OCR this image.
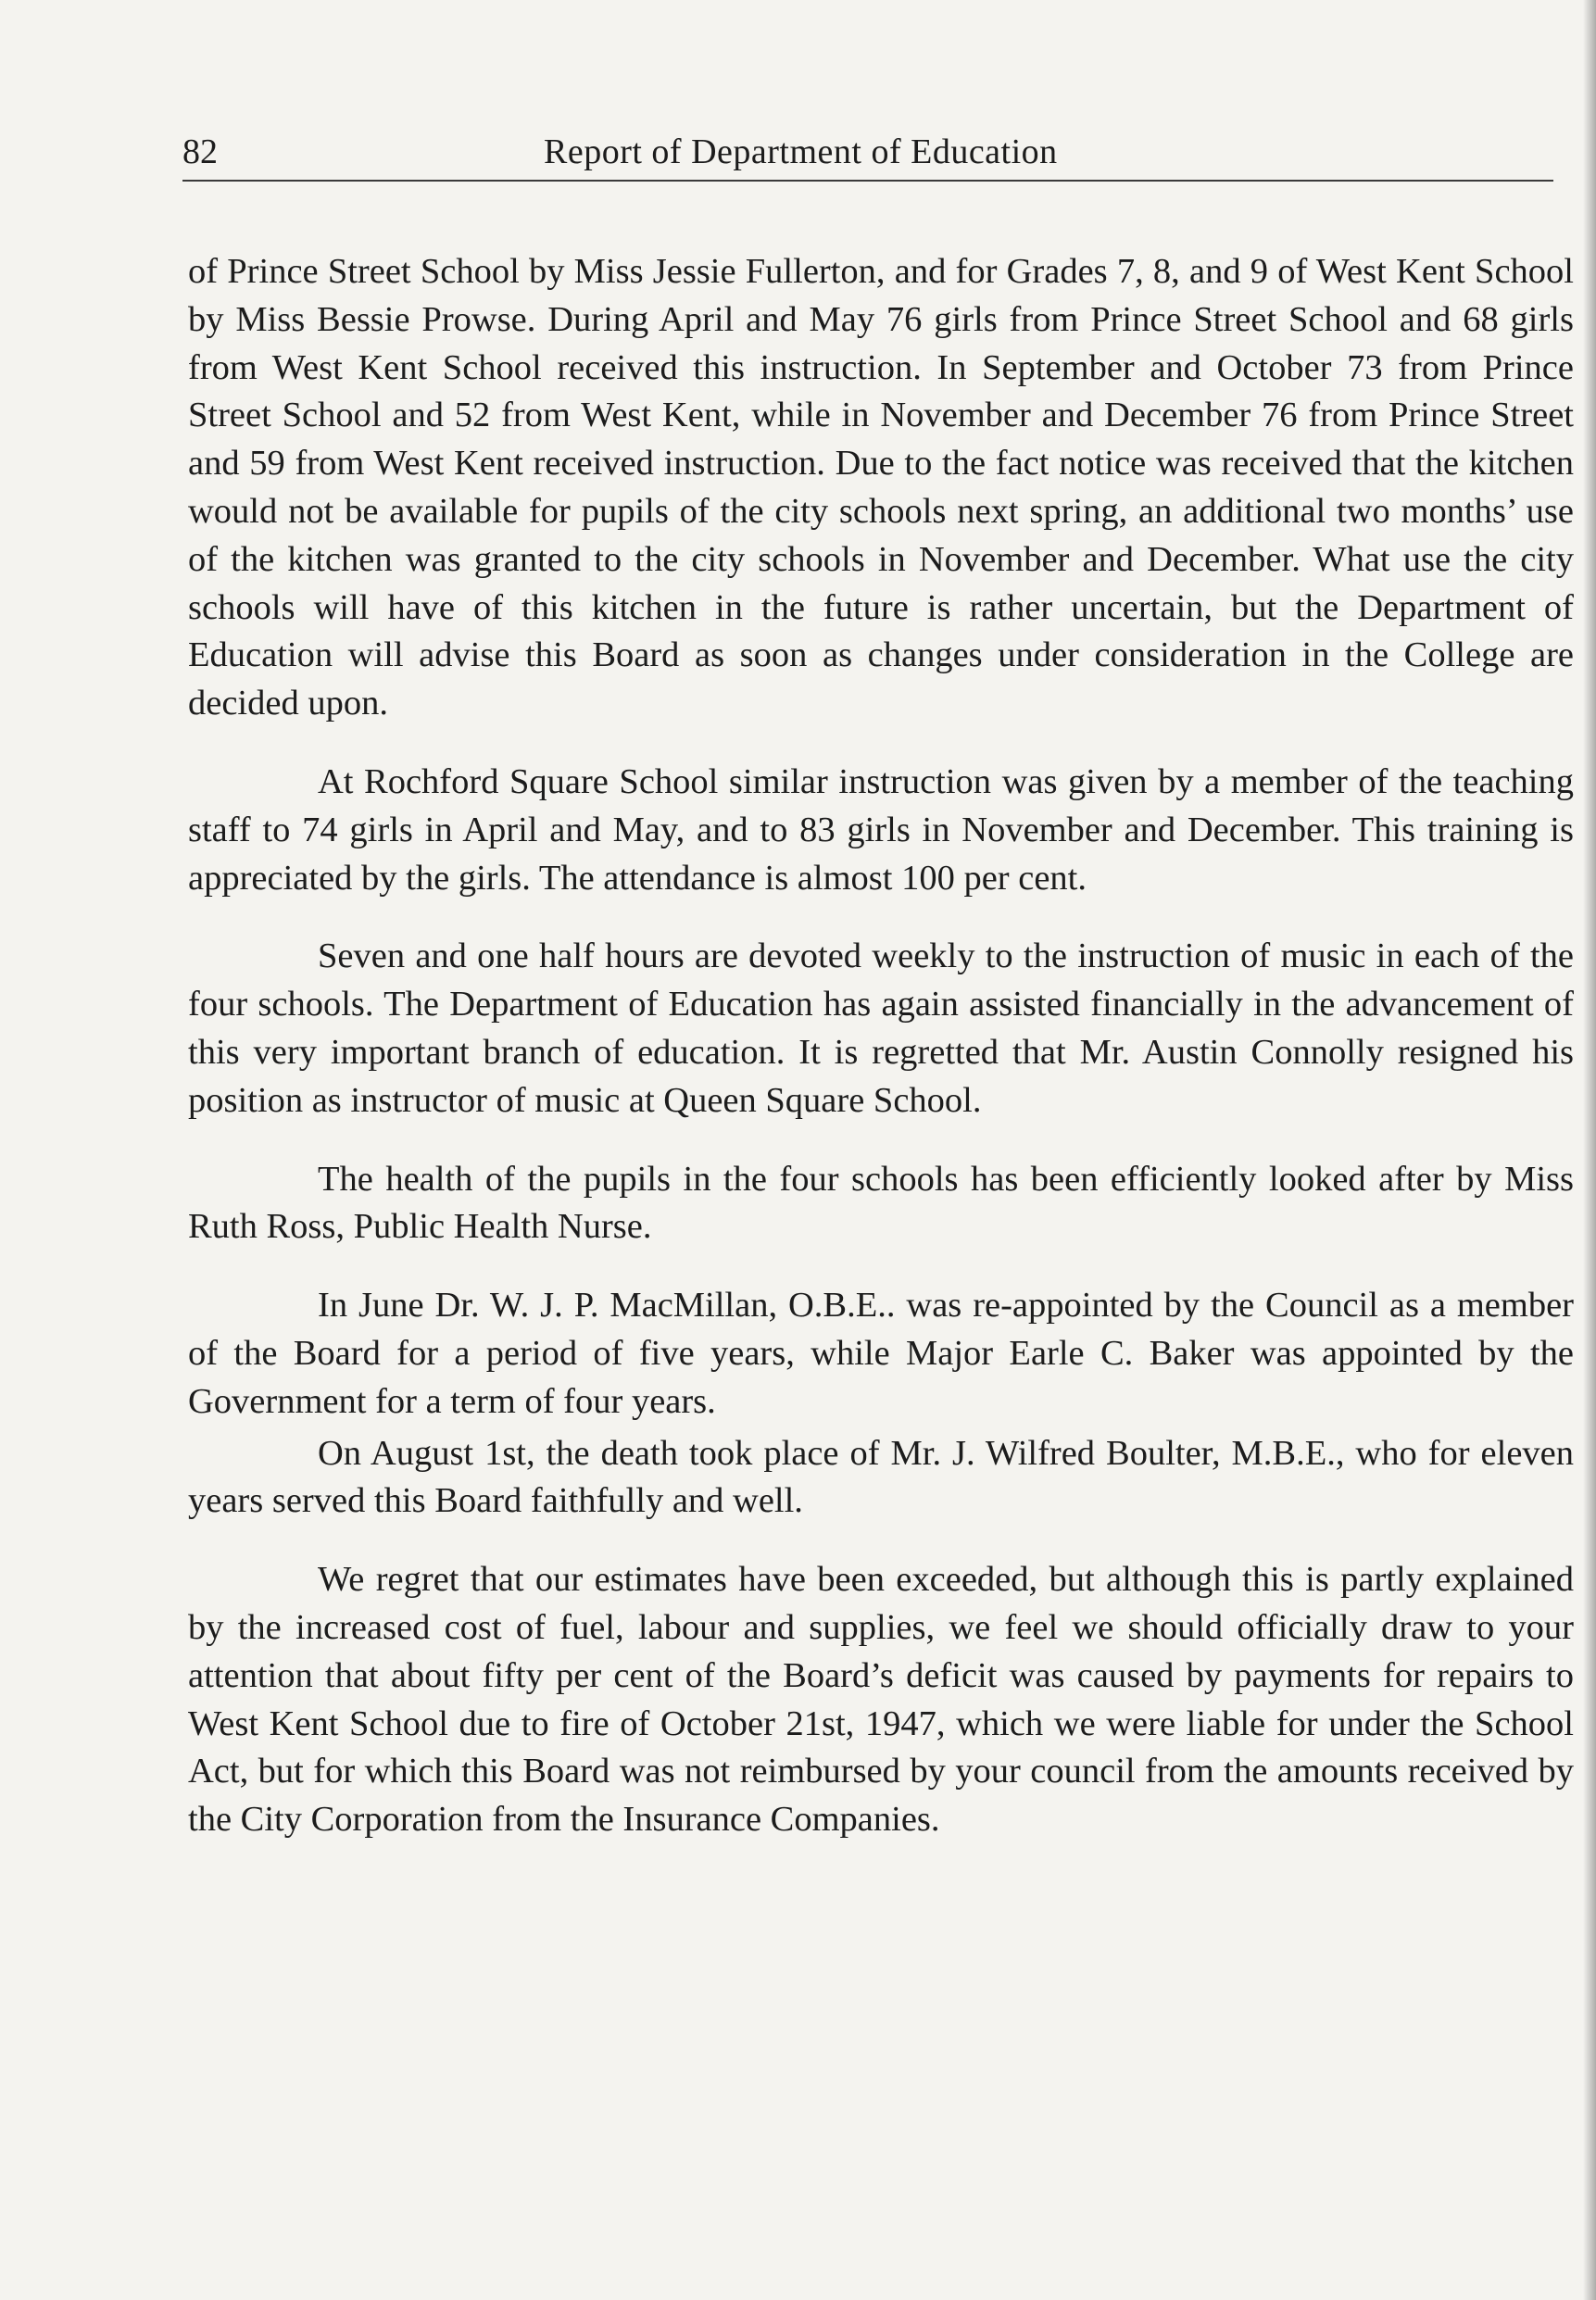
82	Report of Department of Education

of Prince Street School by Miss Jessie Fullerton, and for Grades 7, 8, and 9 of West Kent School by Miss Bessie Prowse. During April and May 76 girls from Prince Street School and 68 girls from West Kent School received this instruction. In September and October 73 from Prince Street School and 52 from West Kent, while in November and December 76 from Prince Street and 59 from West Kent received instruction. Due to the fact notice was received that the kitchen would not be available for pupils of the city schools next spring, an additional two months’ use of the kitchen was granted to the city schools in November and December. What use the city schools will have of this kitchen in the future is rather uncertain, but the Department of Education will advise this Board as soon as changes under consideration in the College are decided upon.

At Rochford Square School similar instruction was given by a member of the teaching staff to 74 girls in April and May, and to 83 girls in November and December. This training is appreciated by the girls. The attendance is almost 100 per cent.

Seven and one half hours are devoted weekly to the instruction of music in each of the four schools. The Department of Education has again assisted financially in the advancement of this very important branch of education. It is regretted that Mr. Austin Connolly resigned his position as instructor of music at Queen Square School.

The health of the pupils in the four schools has been efficiently looked after by Miss Ruth Ross, Public Health Nurse.

In June Dr. W. J. P. MacMillan, O.B.E.. was re-appointed by the Council as a member of the Board for a period of five years, while Major Earle C. Baker was appointed by the Government for a term of four years.

On August 1st, the death took place of Mr. J. Wilfred Boulter, M.B.E., who for eleven years served this Board faithfully and well.

We regret that our estimates have been exceeded, but although this is partly explained by the increased cost of fuel, labour and supplies, we feel we should officially draw to your attention that about fifty per cent of the Board’s deficit was caused by payments for repairs to West Kent School due to fire of October 21st, 1947, which we were liable for under the School Act, but for which this Board was not reimbursed by your council from the amounts received by the City Corporation from the Insurance Companies.
